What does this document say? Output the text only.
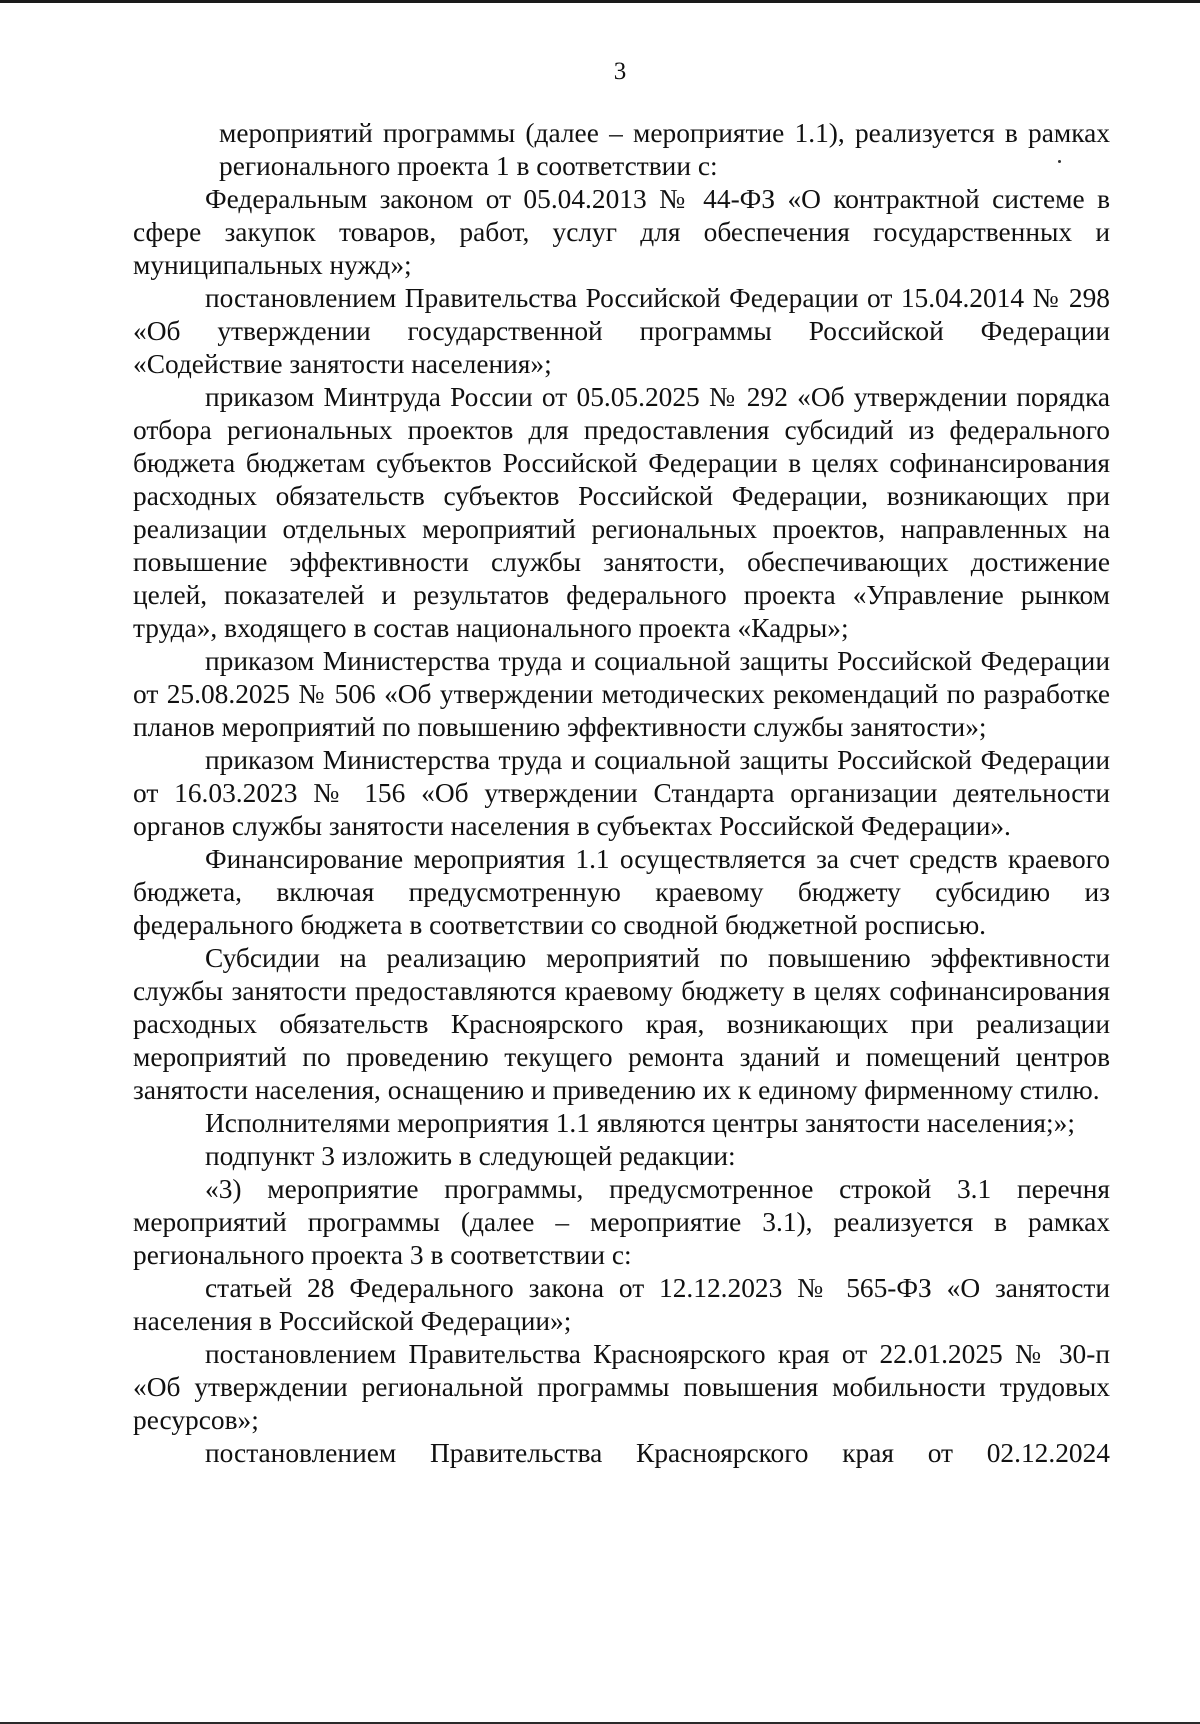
3

мероприятий программы (далее – мероприятие 1.1), реализуется в рамках регионального проекта 1 в соответствии с:

Федеральным законом от 05.04.2013 № 44-ФЗ «О контрактной системе в сфере закупок товаров, работ, услуг для обеспечения государственных и муниципальных нужд»;

постановлением Правительства Российской Федерации от 15.04.2014 № 298 «Об утверждении государственной программы Российской Федерации «Содействие занятости населения»;

приказом Минтруда России от 05.05.2025 № 292 «Об утверждении порядка отбора региональных проектов для предоставления субсидий из федерального бюджета бюджетам субъектов Российской Федерации в целях софинансирования расходных обязательств субъектов Российской Федерации, возникающих при реализации отдельных мероприятий региональных проектов, направленных на повышение эффективности службы занятости, обеспечивающих достижение целей, показателей и результатов федерального проекта «Управление рынком труда», входящего в состав национального проекта «Кадры»;

приказом Министерства труда и социальной защиты Российской Федерации от 25.08.2025 № 506 «Об утверждении методических рекомендаций по разработке планов мероприятий по повышению эффективности службы занятости»;

приказом Министерства труда и социальной защиты Российской Федерации от 16.03.2023 № 156 «Об утверждении Стандарта организации деятельности органов службы занятости населения в субъектах Российской Федерации».

Финансирование мероприятия 1.1 осуществляется за счет средств краевого бюджета, включая предусмотренную краевому бюджету субсидию из федерального бюджета в соответствии со сводной бюджетной росписью.

Субсидии на реализацию мероприятий по повышению эффективности службы занятости предоставляются краевому бюджету в целях софинансирования расходных обязательств Красноярского края, возникающих при реализации мероприятий по проведению текущего ремонта зданий и помещений центров занятости населения, оснащению и приведению их к единому фирменному стилю.

Исполнителями мероприятия 1.1 являются центры занятости населения;»;

подпункт 3 изложить в следующей редакции:

«3) мероприятие программы, предусмотренное строкой 3.1 перечня мероприятий программы (далее – мероприятие 3.1), реализуется в рамках регионального проекта 3 в соответствии с:

статьей 28 Федерального закона от 12.12.2023 № 565-ФЗ «О занятости населения в Российской Федерации»;

постановлением Правительства Красноярского края от 22.01.2025 № 30-п «Об утверждении региональной программы повышения мобильности трудовых ресурсов»;

постановлением Правительства Красноярского края от 02.12.2024
